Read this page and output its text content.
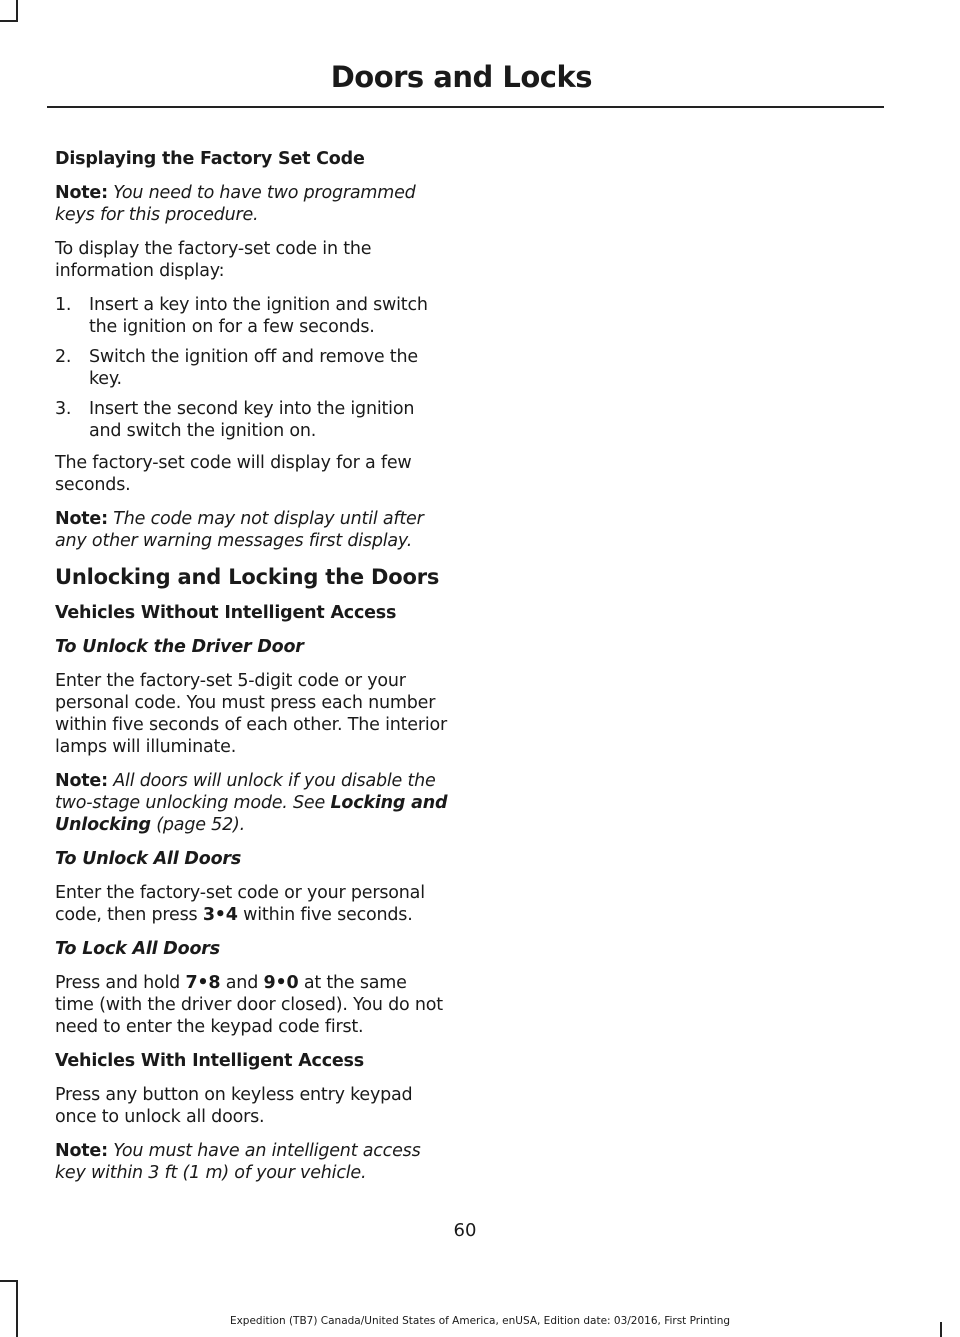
Doors and Locks

Displaying the Factory Set Code

Note: You need to have two programmed keys for this procedure.

To display the factory-set code in the information display:

1. Insert a key into the ignition and switch the ignition on for a few seconds.
2. Switch the ignition off and remove the key.
3. Insert the second key into the ignition and switch the ignition on.

The factory-set code will display for a few seconds.

Note: The code may not display until after any other warning messages first display.

Unlocking and Locking the Doors

Vehicles Without Intelligent Access

To Unlock the Driver Door

Enter the factory-set 5-digit code or your personal code. You must press each number within five seconds of each other. The interior lamps will illuminate.

Note: All doors will unlock if you disable the two-stage unlocking mode. See Locking and Unlocking (page 52).

To Unlock All Doors

Enter the factory-set code or your personal code, then press 3•4 within five seconds.

To Lock All Doors

Press and hold 7•8 and 9•0 at the same time (with the driver door closed). You do not need to enter the keypad code first.

Vehicles With Intelligent Access

Press any button on keyless entry keypad once to unlock all doors.

Note: You must have an intelligent access key within 3 ft (1 m) of your vehicle.

60
Expedition (TB7) Canada/United States of America, enUSA, Edition date: 03/2016, First Printing
